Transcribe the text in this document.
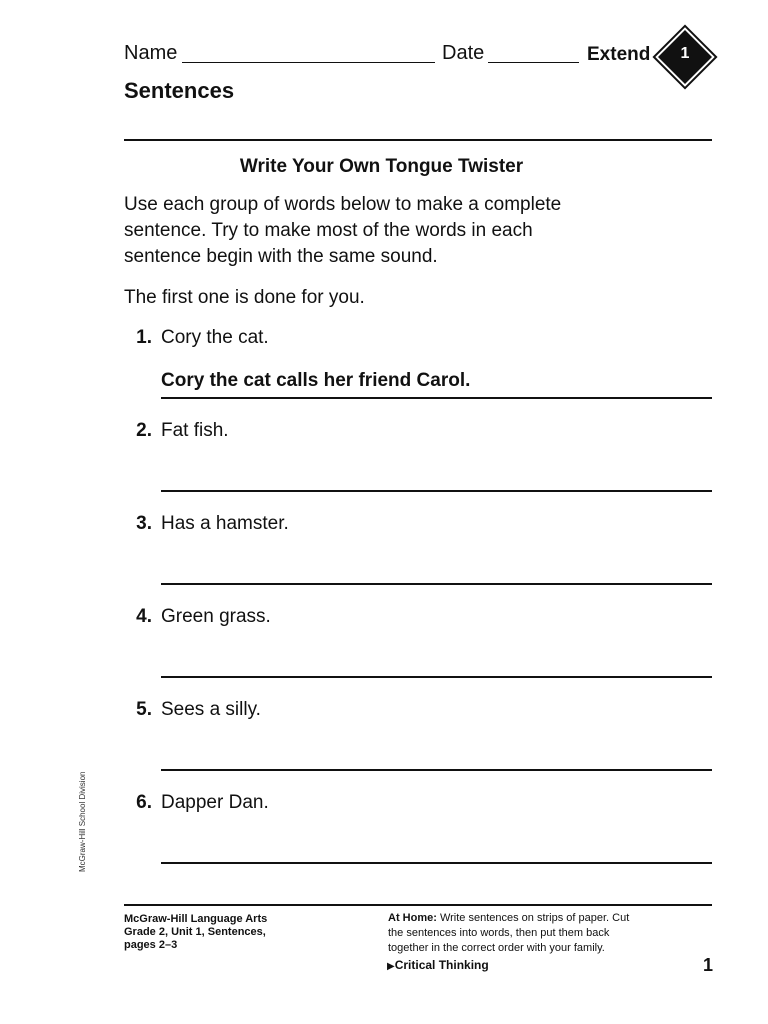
Name	Date	Extend	1
Sentences
Write Your Own Tongue Twister
Use each group of words below to make a complete
sentence. Try to make most of the words in each
sentence begin with the same sound.
The first one is done for you.
1. Cory the cat.
Cory the cat calls her friend Carol.
2. Fat fish.
3. Has a hamster.
4. Green grass.
5. Sees a silly.
6. Dapper Dan.
McGraw-Hill School Division
McGraw-Hill Language Arts
Grade 2, Unit 1, Sentences,
pages 2–3
At Home: Write sentences on strips of paper. Cut
the sentences into words, then put them back
together in the correct order with your family.
▶Critical Thinking	1
